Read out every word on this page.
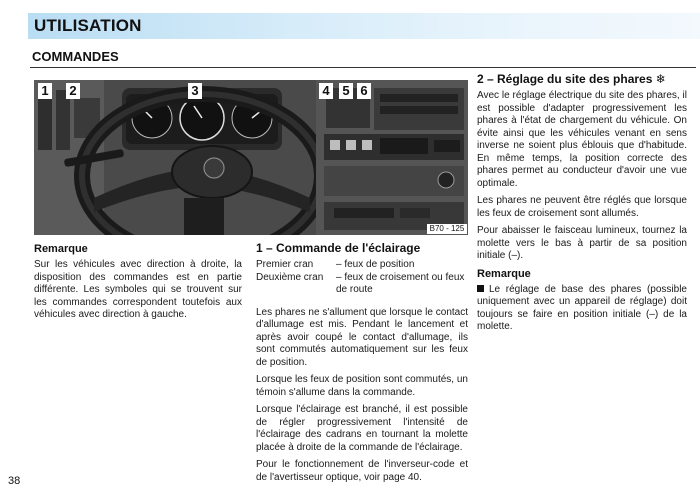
UTILISATION
COMMANDES
1 2	3	4 5 6
B70 - 125
Remarque

Sur les véhicules avec direction à droite, la disposition des commandes est en partie différente. Les symboles qui se trouvent sur les commandes correspondent toutefois aux véhicules avec direction à gauche.

1 – Commande de l'éclairage
Premier cran	– feux de position
Deuxième cran	– feux de croisement ou feux de route

Les phares ne s'allument que lorsque le contact d'allumage est mis. Pendant le lancement et après avoir coupé le contact d'allumage, ils sont commutés automatiquement sur les feux de position.

Lorsque les feux de position sont commutés, un témoin s'allume dans la commande.

Lorsque l'éclairage est branché, il est possible de régler progressivement l'intensité de l'éclairage des cadrans en tournant la molette placée à droite de la commande de l'éclairage.

Pour le fonctionnement de l'inverseur-code et de l'avertisseur optique, voir page 40.

2 – Réglage du site des phares ❄

Avec le réglage électrique du site des phares, il est possible d'adapter progressivement les phares à l'état de chargement du véhicule. On évite ainsi que les véhicules venant en sens inverse ne soient plus éblouis que d'habitude. En même temps, la position correcte des phares permet au conducteur d'avoir une vue optimale.

Les phares ne peuvent être réglés que lorsque les feux de croisement sont allumés.

Pour abaisser le faisceau lumineux, tournez la molette vers le bas à partir de sa position initiale (–).

Remarque

Le réglage de base des phares (possible uniquement avec un appareil de réglage) doit toujours se faire en position initiale (–) de la molette.

38
